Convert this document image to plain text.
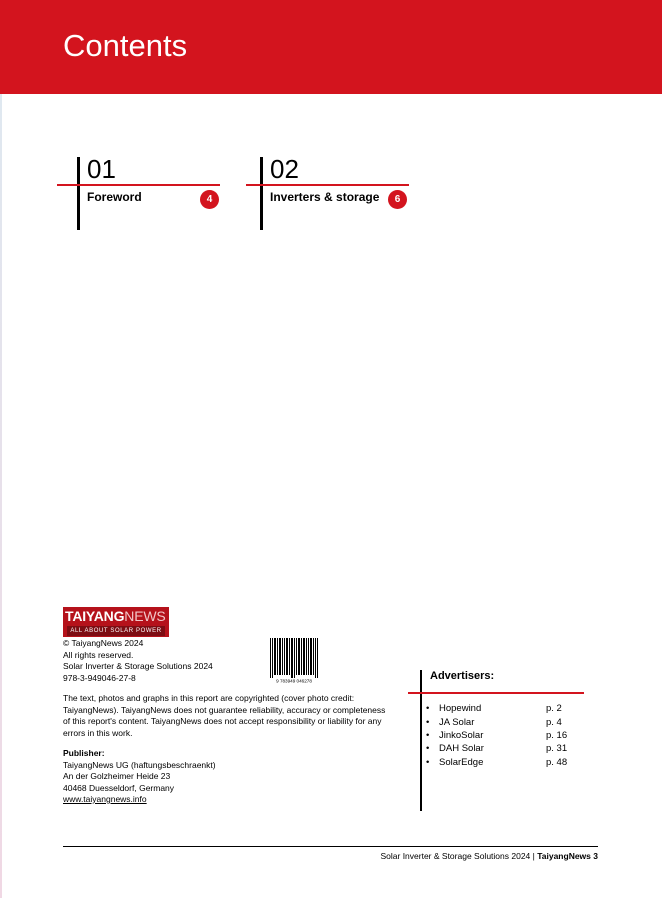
Contents
01
Foreword	4
02
Inverters & storage	6
TAIYANGNEWS
ALL ABOUT SOLAR POWER
© TaiyangNews 2024
All rights reserved.
Solar Inverter & Storage Solutions 2024
978-3-949046-27-8	9 783949 046278
The text, photos and graphs in this report are copyrighted (cover photo credit: TaiyangNews). TaiyangNews does not guarantee reliability, accuracy or completeness of this report's content. TaiyangNews does not accept responsibility or liability for any errors in this work.
Publisher:
TaiyangNews UG (haftungsbeschraenkt)
An der Golzheimer Heide 23
40468 Duesseldorf, Germany
www.taiyangnews.info
Advertisers:
• Hopewind	p. 2
• JA Solar	p. 4
• JinkoSolar	p. 16
• DAH Solar	p. 31
• SolarEdge	p. 48
Solar Inverter & Storage Solutions 2024 | TaiyangNews 3
